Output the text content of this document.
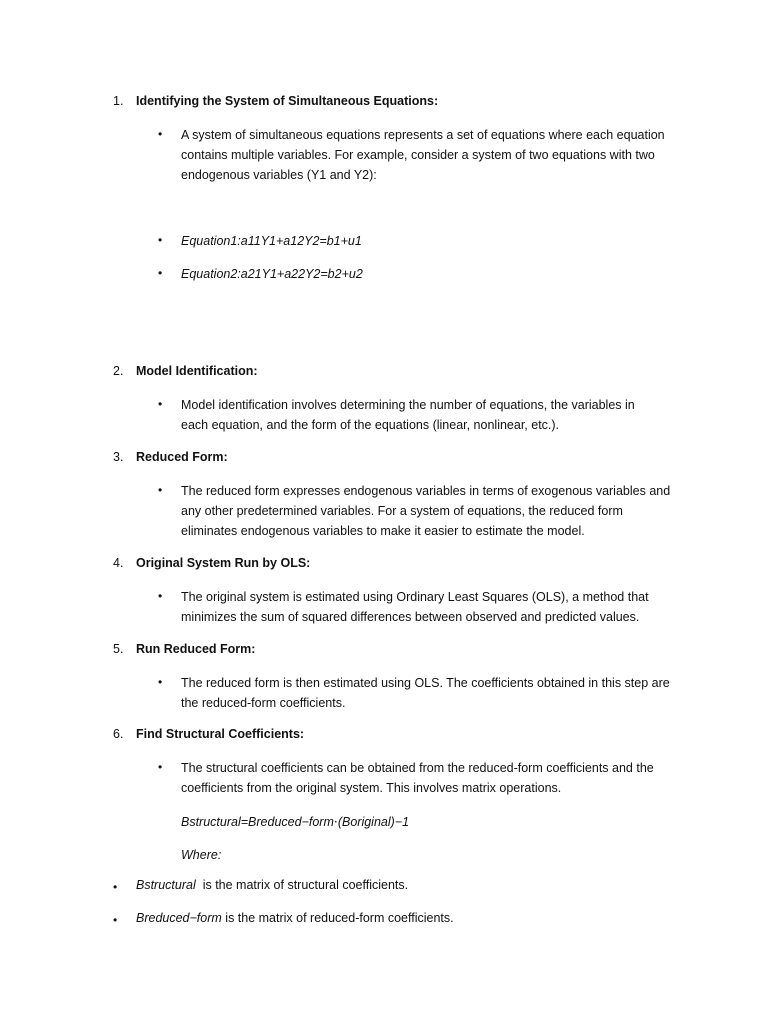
1.	Identifying the System of Simultaneous Equations:
• A system of simultaneous equations represents a set of equations where each equation
contains multiple variables. For example, consider a system of two equations with two
endogenous variables (Y1 and Y2):
• Equation1:a11Y1+a12Y2=b1+u1
• Equation2:a21Y1+a22Y2=b2+u2
2.	Model Identification:
• Model identification involves determining the number of equations, the variables in
each equation, and the form of the equations (linear, nonlinear, etc.).
3.	Reduced Form:
• The reduced form expresses endogenous variables in terms of exogenous variables and
any other predetermined variables. For a system of equations, the reduced form
eliminates endogenous variables to make it easier to estimate the model.
4.	Original System Run by OLS:
• The original system is estimated using Ordinary Least Squares (OLS), a method that
minimizes the sum of squared differences between observed and predicted values.
5.	Run Reduced Form:
• The reduced form is then estimated using OLS. The coefficients obtained in this step are
the reduced-form coefficients.
6.	Find Structural Coefficients:
• The structural coefficients can be obtained from the reduced-form coefficients and the
coefficients from the original system. This involves matrix operations.
Bstructural=Breduced−form⋅(Boriginal)−1
Where:
• Bstructural  is the matrix of structural coefficients.
• Breduced−form is the matrix of reduced-form coefficients.
